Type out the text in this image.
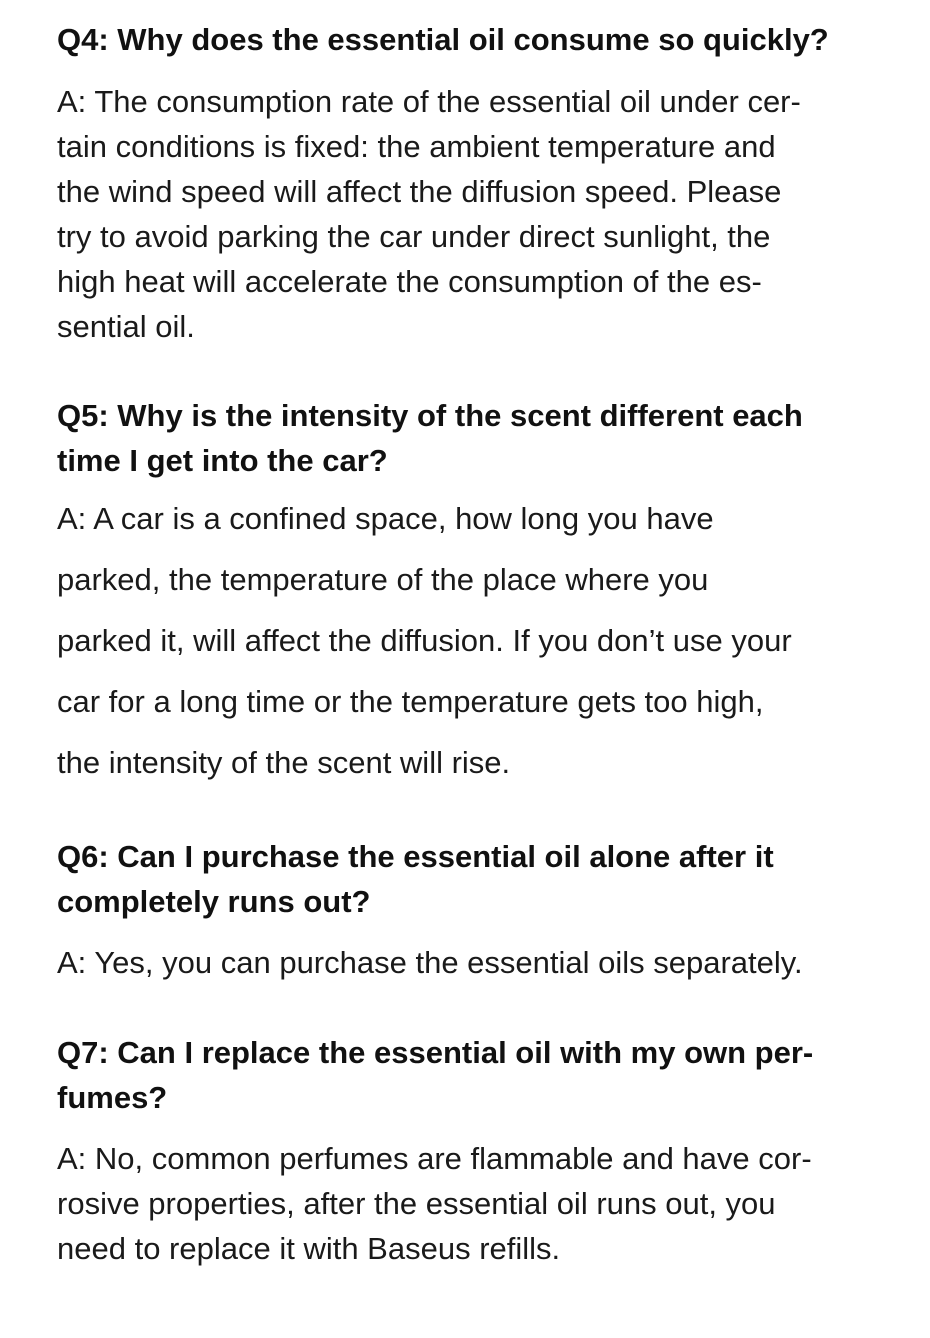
Q4: Why does the essential oil consume so quickly?

A: The consumption rate of the essential oil under cer-
tain conditions is fixed: the ambient temperature and
the wind speed will affect the diffusion speed. Please
try to avoid parking the car under direct sunlight, the
high heat will accelerate the consumption of the es-
sential oil.

Q5: Why is the intensity of the scent different each
time I get into the car?

A: A car is a confined space, how long you have
parked, the temperature of the place where you
parked it, will affect the diffusion. If you don’t use your
car for a long time or the temperature gets too high,
the intensity of the scent will rise.

Q6: Can I purchase the essential oil alone after it
completely runs out?

A: Yes, you can purchase the essential oils separately.

Q7: Can I replace the essential oil with my own per-
fumes?

A: No, common perfumes are flammable and have cor-
rosive properties, after the essential oil runs out, you
need to replace it with Baseus refills.
